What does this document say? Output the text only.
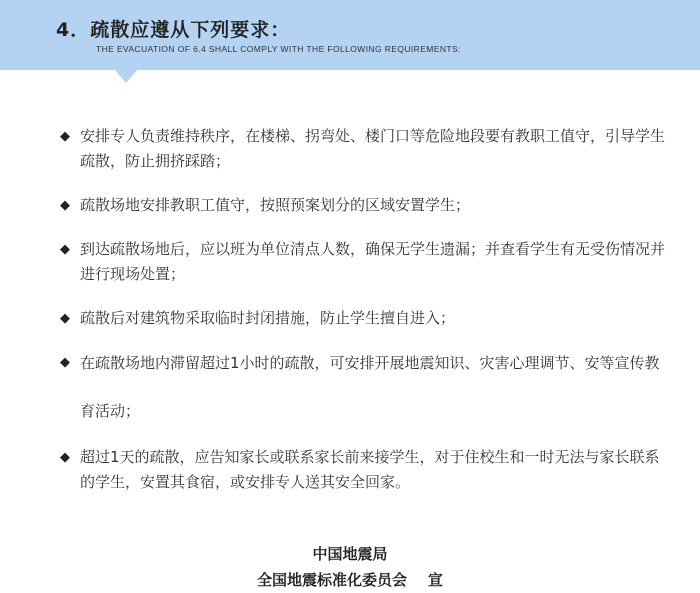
4．疏散应遵从下列要求：

THE EVACUATION OF 6.4 SHALL COMPLY WITH THE FOLLOWING REQUIREMENTS:

◆ 安排专人负责维持秩序，在楼梯、拐弯处、楼门口等危险地段要有教职工值守，引导学生疏散，防止拥挤踩踏；
◆ 疏散场地安排教职工值守，按照预案划分的区域安置学生；
◆ 到达疏散场地后，应以班为单位清点人数，确保无学生遗漏；并查看学生有无受伤情况并进行现场处置；
◆ 疏散后对建筑物采取临时封闭措施，防止学生擅自进入；
◆ 在疏散场地内滞留超过1小时的疏散，可安排开展地震知识、灾害心理调节、安等宣传教育活动；
◆ 超过1天的疏散，应告知家长或联系家长前来接学生，对于住校生和一时无法与家长联系的学生，安置其食宿，或安排专人送其安全回家。
中国地震局
全国地震标准化委员会    宣
